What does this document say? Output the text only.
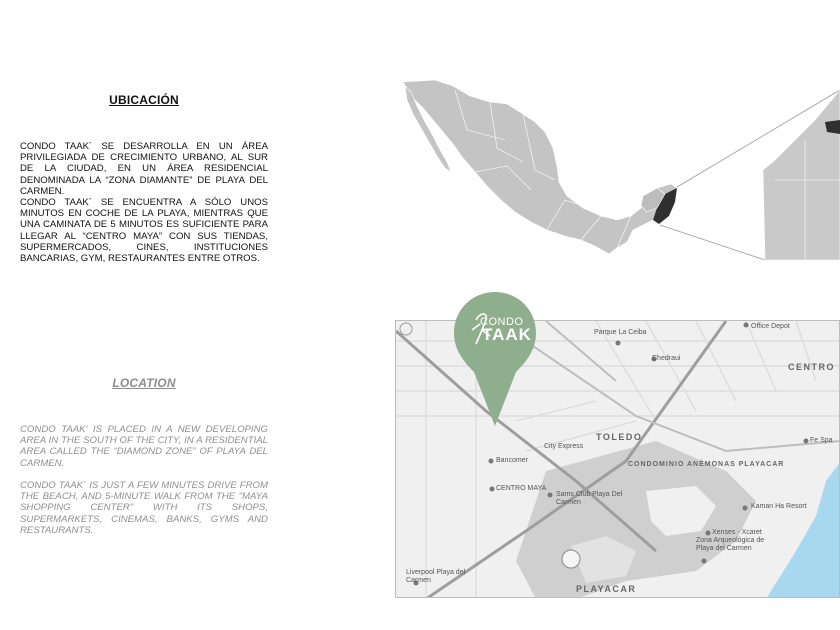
UBICACIÓN
CONDO TAAK´ SE DESARROLLA EN UN ÁREA PRIVILEGIADA DE CRECIMIENTO URBANO, AL SUR DE LA CIUDAD, EN UN ÁREA RESIDENCIAL DENOMINADA LA “ZONA DIAMANTE” DE PLAYA DEL CARMEN.
CONDO TAAK´ SE ENCUENTRA A SÓLO UNOS MINUTOS EN COCHE DE LA PLAYA, MIENTRAS QUE UNA CAMINATA DE 5 MINUTOS ES SUFICIENTE PARA LLEGAR AL “CENTRO MAYA” CON SUS TIENDAS, SUPERMERCADOS, CINES, INSTITUCIONES BANCARIAS, GYM, RESTAURANTES ENTRE OTROS.
LOCATION
CONDO TAAK' IS PLACED IN A NEW DEVELOPING AREA IN THE SOUTH OF THE CITY, IN A RESIDENTIAL AREA CALLED THE “DIAMOND ZONE” OF PLAYA DEL CARMEN.
CONDO TAAK´ IS JUST A FEW MINUTES DRIVE FROM THE BEACH, AND 5-MINUTE WALK FROM THE "MAYA SHOPPING CENTER" WITH ITS SHOPS, SUPERMARKETS, CINEMAS, BANKS, GYMS AND RESTAURANTS.
Parque La Ceiba
Office Depot
Chedraui
CENTRO
TOLEDO
City Express
Bancomer
CONDOMINIO ANÉMONAS PLAYACAR
CENTRO MAYA
Sams Club Playa Del Carmen
Kaman Ha Resort
Xenses - Xcaret
Zona Arqueológica de Playa del Carmen
Fe Spa
Liverpool Playa del Carmen
PLAYACAR
CONDO
TAAK
